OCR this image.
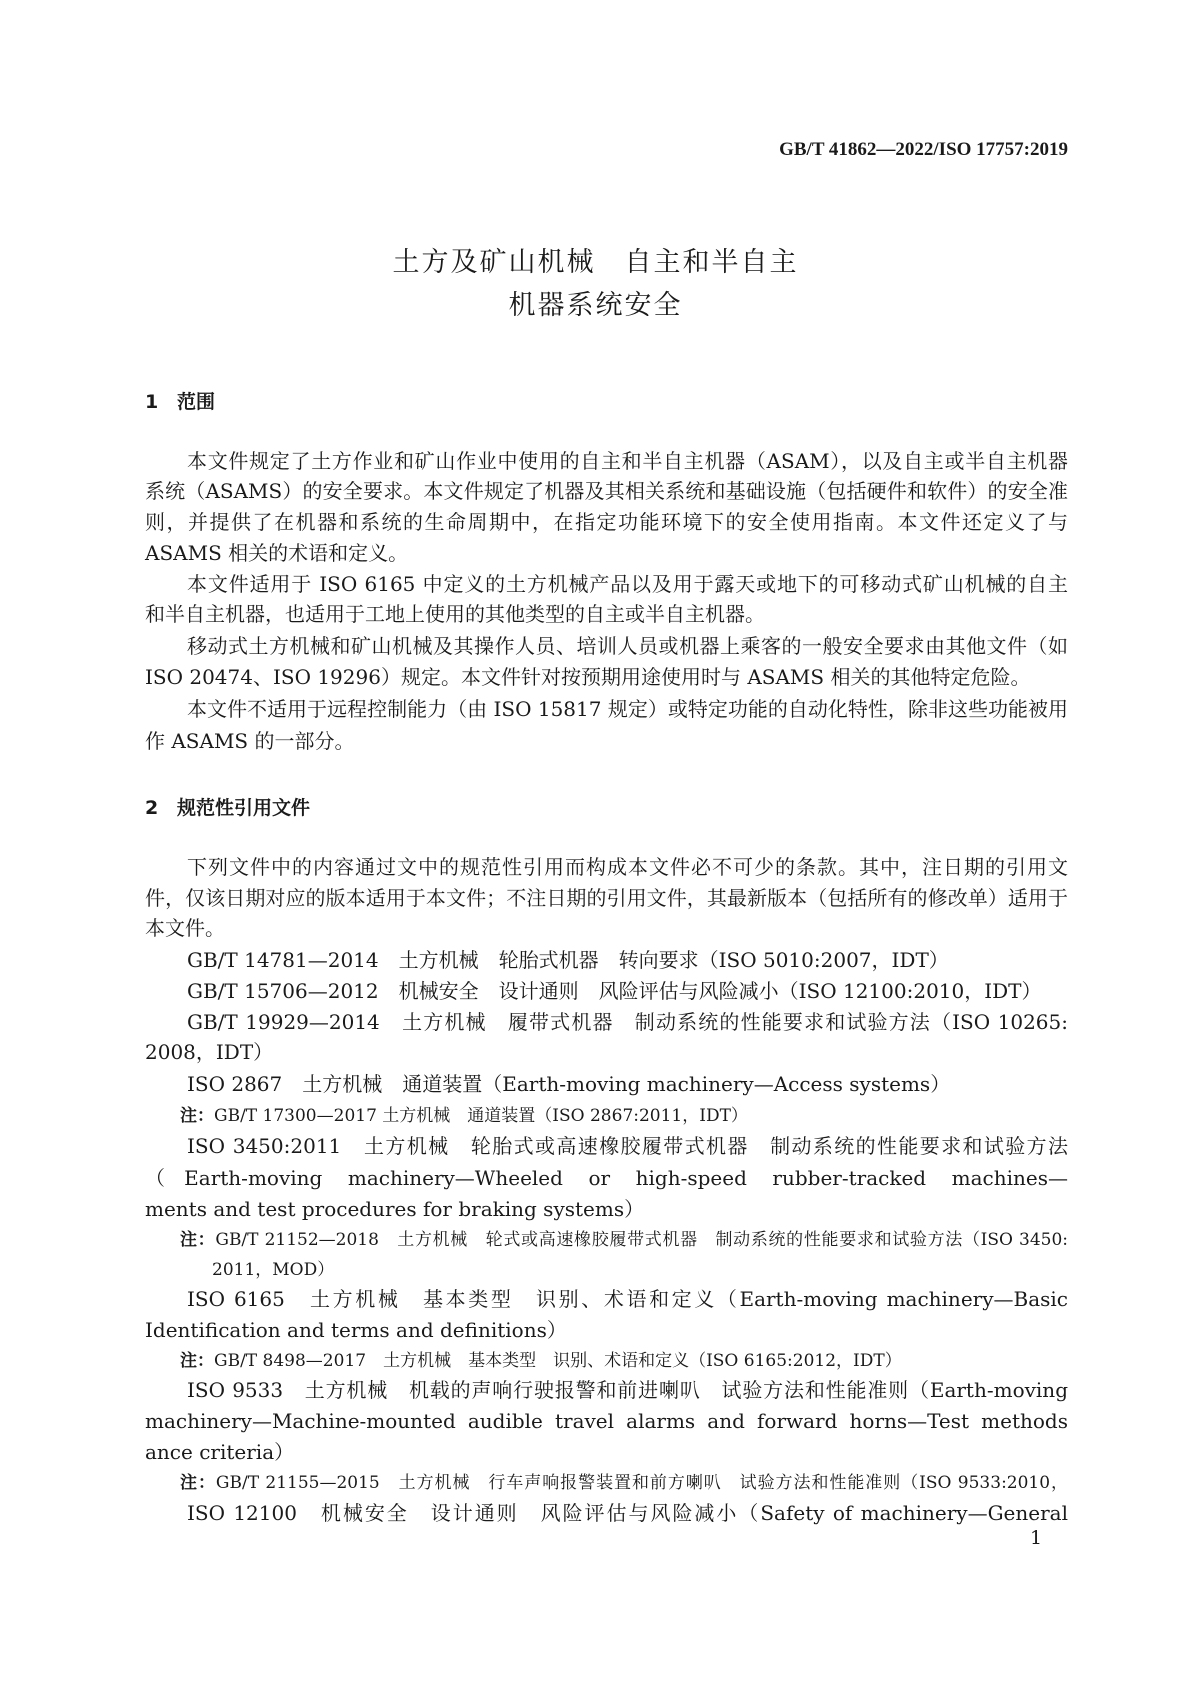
GB/T 41862—2022/ISO 17757:2019
土方及矿山机械　自主和半自主
机器系统安全
1 范围
2 规范性引用文件
本文件规定了土方作业和矿山作业中使用的自主和半自主机器（ASAM），以及自主或半自主机器
系统（ASAMS）的安全要求。本文件规定了机器及其相关系统和基础设施（包括硬件和软件）的安全准
则，并提供了在机器和系统的生命周期中，在指定功能环境下的安全使用指南。本文件还定义了与
ASAMS 相关的术语和定义。
本文件适用于 ISO 6165 中定义的土方机械产品以及用于露天或地下的可移动式矿山机械的自主
和半自主机器，也适用于工地上使用的其他类型的自主或半自主机器。
移动式土方机械和矿山机械及其操作人员、培训人员或机器上乘客的一般安全要求由其他文件（如
ISO 20474、ISO 19296）规定。本文件针对按预期用途使用时与 ASAMS 相关的其他特定危险。
本文件不适用于远程控制能力（由 ISO 15817 规定）或特定功能的自动化特性，除非这些功能被用
作 ASAMS 的一部分。
下列文件中的内容通过文中的规范性引用而构成本文件必不可少的条款。其中，注日期的引用文
件，仅该日期对应的版本适用于本文件；不注日期的引用文件，其最新版本（包括所有的修改单）适用于
本文件。
GB/T 14781—2014　土方机械　轮胎式机器　转向要求（ISO 5010:2007，IDT）
GB/T 15706—2012　机械安全　设计通则　风险评估与风险减小（ISO 12100:2010，IDT）
GB/T 19929—2014　土方机械　履带式机器　制动系统的性能要求和试验方法（ISO 10265:
2008，IDT）
ISO 2867　土方机械　通道装置（Earth-moving machinery—Access systems）
注：GB/T 17300—2017 土方机械　通道装置（ISO 2867:2011，IDT）
ISO 3450:2011　土方机械　轮胎式或高速橡胶履带式机器　制动系统的性能要求和试验方法
（Earth-moving machinery—Wheeled or high-speed rubber-tracked machines—
ments and test procedures for braking systems）
注：GB/T 21152—2018　土方机械　轮式或高速橡胶履带式机器　制动系统的性能要求和试验方法（ISO 3450:
2011，MOD）
ISO 6165　土方机械　基本类型　识别、术语和定义（Earth-moving machinery—Basic
Identification and terms and definitions）
注：GB/T 8498—2017　土方机械　基本类型　识别、术语和定义（ISO 6165:2012，IDT）
ISO 9533　土方机械　机载的声响行驶报警和前进喇叭　试验方法和性能准则（Earth-moving
machinery—Machine-mounted audible travel alarms and forward horns—Test methods
ance criteria）
注：GB/T 21155—2015　土方机械　行车声响报警装置和前方喇叭　试验方法和性能准则（ISO 9533:2010，
ISO 12100　机械安全　设计通则　风险评估与风险减小（Safety of machinery—General
1
